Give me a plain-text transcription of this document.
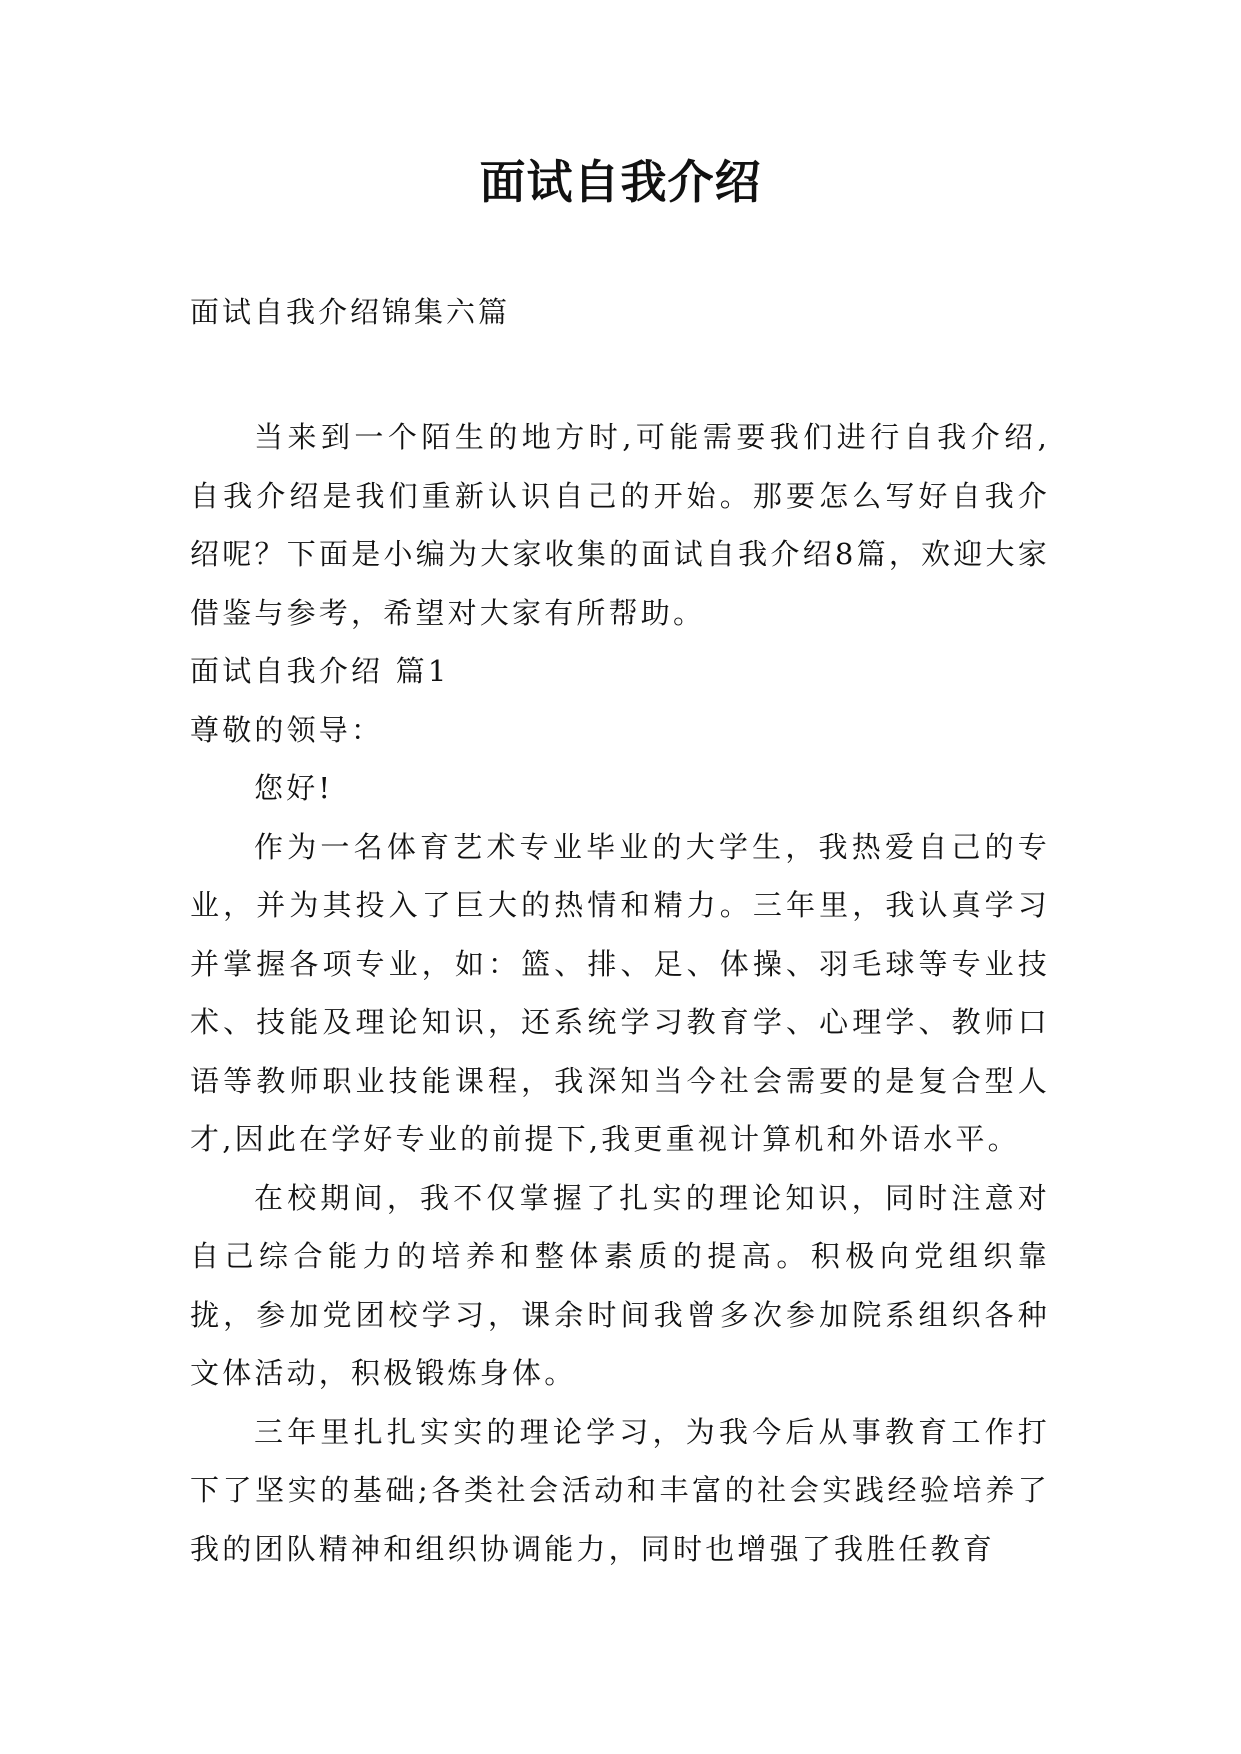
面试自我介绍

面试自我介绍锦集六篇

当来到一个陌生的地方时,可能需要我们进行自我介绍,自我介绍是我们重新认识自己的开始。那要怎么写好自我介绍呢？下面是小编为大家收集的面试自我介绍8篇，欢迎大家借鉴与参考，希望对大家有所帮助。

面试自我介绍 篇1

尊敬的领导：

您好!

作为一名体育艺术专业毕业的大学生，我热爱自己的专业，并为其投入了巨大的热情和精力。三年里，我认真学习并掌握各项专业，如：篮、排、足、体操、羽毛球等专业技术、技能及理论知识，还系统学习教育学、心理学、教师口语等教师职业技能课程，我深知当今社会需要的是复合型人才,因此在学好专业的前提下,我更重视计算机和外语水平。

在校期间，我不仅掌握了扎实的理论知识，同时注意对自己综合能力的培养和整体素质的提高。积极向党组织靠拢，参加党团校学习，课余时间我曾多次参加院系组织各种文体活动，积极锻炼身体。

三年里扎扎实实的理论学习，为我今后从事教育工作打下了坚实的基础;各类社会活动和丰富的社会实践经验培养了我的团队精神和组织协调能力，同时也增强了我胜任教育
